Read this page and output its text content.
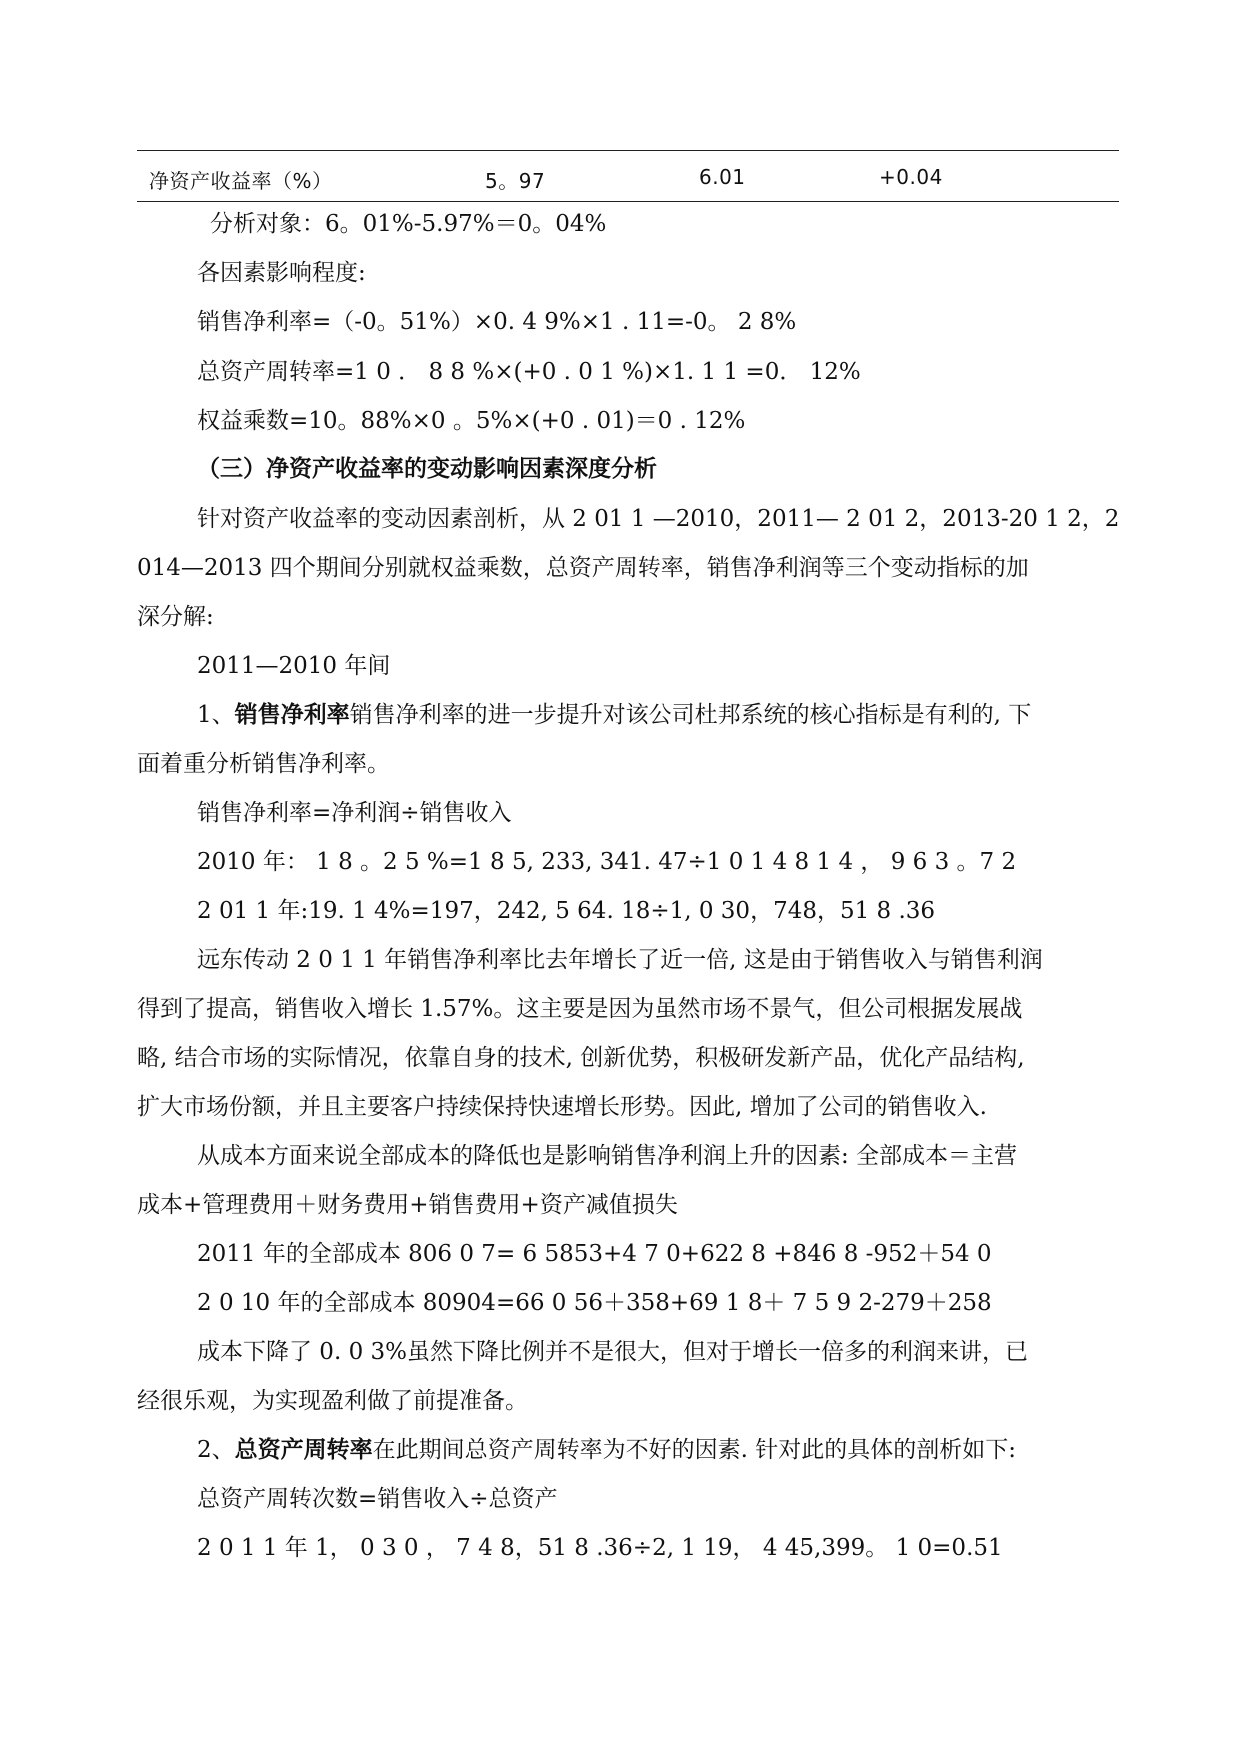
净资产收益率（%）	5。97	6.01	+0.04
分析对象：6。01%-5.97%＝0。04%
各因素影响程度:
销售净利率=（-0。51%）×0. 4 9%×1 . 11=-0。 2 8%
总资产周转率=1 0 ． 8 8 %×(+0 . 0 1 %)×1. 1 1 =0． 12%
权益乘数=10。88%×0 。5%×(+0 . 01)＝0 . 12%
（三）净资产收益率的变动影响因素深度分析
针对资产收益率的变动因素剖析，从 2 01 1 —2010，2011— 2 01 2，2013-20 1 2，2
014—2013 四个期间分别就权益乘数，总资产周转率，销售净利润等三个变动指标的加
深分解:
2011—2010 年间
1、销售净利率销售净利率的进一步提升对该公司杜邦系统的核心指标是有利的, 下
面着重分析销售净利率。
销售净利率=净利润÷销售收入
2010 年： 1 8 。2 5 %=1 8 5, 233, 341. 47÷1 0 1 4 8 1 4 ， 9 6 3 。7 2
2 01 1 年:19. 1 4%=197，242, 5 64. 18÷1, 0 30，748，51 8 .36
远东传动 2 0 1 1 年销售净利率比去年增长了近一倍, 这是由于销售收入与销售利润
得到了提高，销售收入增长 1.57%。这主要是因为虽然市场不景气，但公司根据发展战
略, 结合市场的实际情况，依靠自身的技术, 创新优势，积极研发新产品，优化产品结构,
扩大市场份额，并且主要客户持续保持快速增长形势。因此, 增加了公司的销售收入.
从成本方面来说全部成本的降低也是影响销售净利润上升的因素: 全部成本＝主营
成本+管理费用＋财务费用+销售费用+资产减值损失
2011 年的全部成本 806 0 7= 6 5853+4 7 0+622 8 +846 8 -952＋54 0
2 0 10 年的全部成本 80904=66 0 56＋358+69 1 8＋ 7 5 9 2-279＋258
成本下降了 0. 0 3%虽然下降比例并不是很大，但对于增长一倍多的利润来讲，已
经很乐观，为实现盈利做了前提准备。
2、总资产周转率在此期间总资产周转率为不好的因素. 针对此的具体的剖析如下:
总资产周转次数=销售收入÷总资产
2 0 1 1 年 1， 0 3 0 ， 7 4 8，51 8 .36÷2, 1 19， 4 45,399。 1 0=0.51
